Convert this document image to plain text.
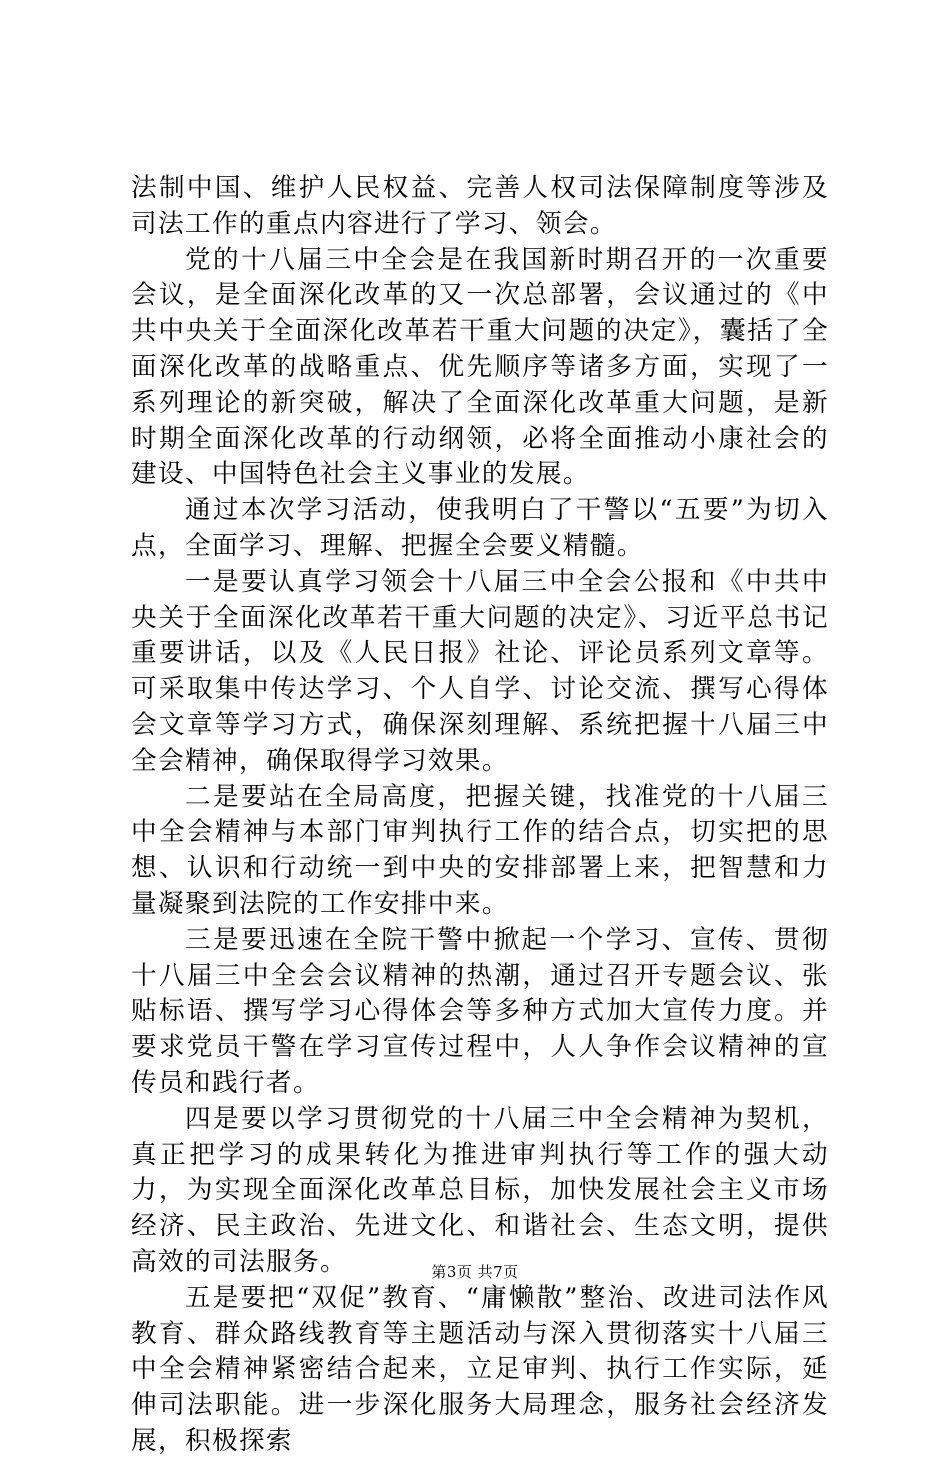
法制中国、维护人民权益、完善人权司法保障制度等涉及司法工作的重点内容进行了学习、领会。

党的十八届三中全会是在我国新时期召开的一次重要会议，是全面深化改革的又一次总部署，会议通过的《中共中央关于全面深化改革若干重大问题的决定》，囊括了全面深化改革的战略重点、优先顺序等诸多方面，实现了一系列理论的新突破，解决了全面深化改革重大问题，是新时期全面深化改革的行动纲领，必将全面推动小康社会的建设、中国特色社会主义事业的发展。

通过本次学习活动，使我明白了干警以“五要”为切入点，全面学习、理解、把握全会要义精髓。

一是要认真学习领会十八届三中全会公报和《中共中央关于全面深化改革若干重大问题的决定》、习近平总书记重要讲话，以及《人民日报》社论、评论员系列文章等。可采取集中传达学习、个人自学、讨论交流、撰写心得体会文章等学习方式，确保深刻理解、系统把握十八届三中全会精神，确保取得学习效果。

二是要站在全局高度，把握关键，找准党的十八届三中全会精神与本部门审判执行工作的结合点，切实把的思想、认识和行动统一到中央的安排部署上来，把智慧和力量凝聚到法院的工作安排中来。

三是要迅速在全院干警中掀起一个学习、宣传、贯彻十八届三中全会会议精神的热潮，通过召开专题会议、张贴标语、撰写学习心得体会等多种方式加大宣传力度。并要求党员干警在学习宣传过程中，人人争作会议精神的宣传员和践行者。

四是要以学习贯彻党的十八届三中全会精神为契机，真正把学习的成果转化为推进审判执行等工作的强大动力，为实现全面深化改革总目标，加快发展社会主义市场经济、民主政治、先进文化、和谐社会、生态文明，提供高效的司法服务。

五是要把“双促”教育、“庸懒散”整治、改进司法作风教育、群众路线教育等主题活动与深入贯彻落实十八届三中全会精神紧密结合起来，立足审判、执行工作实际，延伸司法职能。进一步深化服务大局理念，服务社会经济发展，积极探索

第3页 共7页
